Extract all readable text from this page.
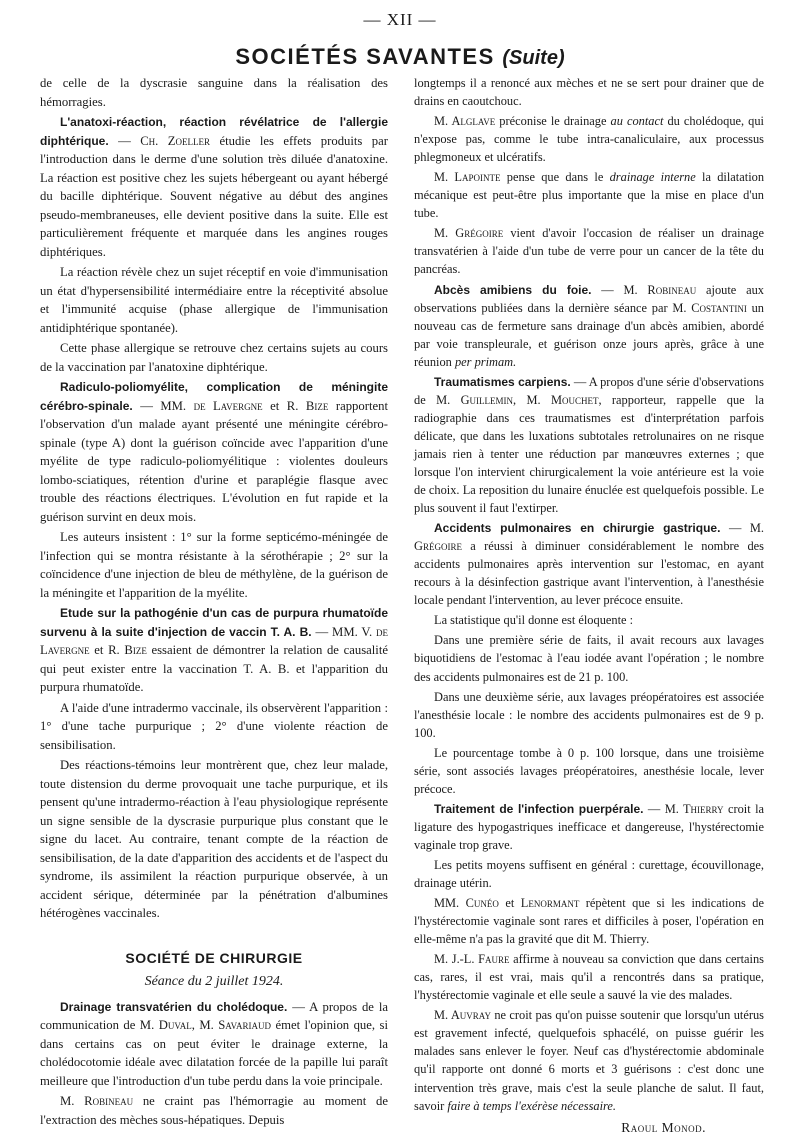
— XII —
SOCIÉTÉS SAVANTES (Suite)

de celle de la dyscrasie sanguine dans la réalisation des hémorragies.

L'anatoxi-réaction, réaction révélatrice de l'allergie diphtérique. — Ch. Zoeller étudie les effets produits par l'introduction dans le derme d'une solution très diluée d'anatoxine. La réaction est positive chez les sujets hébergeant ou ayant hébergé du bacille diphtérique. Souvent négative au début des angines pseudo-membraneuses, elle devient positive dans la suite. Elle est particulièrement fréquente et marquée dans les angines rouges diphtériques.

La réaction révèle chez un sujet réceptif en voie d'immunisation un état d'hypersensibilité intermédiaire entre la réceptivité absolue et l'immunité acquise (phase allergique de l'immunisation antidiphtérique spontanée).

Cette phase allergique se retrouve chez certains sujets au cours de la vaccination par l'anatoxine diphtérique.

Radiculo-poliomyélite, complication de méningite cérébro-spinale. — MM. de Lavergne et R. Bize rapportent l'observation d'un malade ayant présenté une méningite cérébro-spinale (type A) dont la guérison coïncide avec l'apparition d'une myélite de type radiculo-poliomyélitique : violentes douleurs lombo-sciatiques, rétention d'urine et paraplégie flasque avec trouble des réactions électriques. L'évolution en fut rapide et la guérison survint en deux mois.

Les auteurs insistent : 1° sur la forme septicémo-méningée de l'infection qui se montra résistante à la sérothérapie ; 2° sur la coïncidence d'une injection de bleu de méthylène, de la guérison de la méningite et l'apparition de la myélite.

Etude sur la pathogénie d'un cas de purpura rhumatoïde survenu à la suite d'injection de vaccin T. A. B. — MM. V. de Lavergne et R. Bize essaient de démontrer la relation de causalité qui peut exister entre la vaccination T. A. B. et l'apparition du purpura rhumatoïde.

A l'aide d'une intradermo vaccinale, ils observèrent l'apparition : 1° d'une tache purpurique ; 2° d'une violente réaction de sensibilisation.

Des réactions-témoins leur montrèrent que, chez leur malade, toute distension du derme provoquait une tache purpurique, et ils pensent qu'une intradermo-réaction à l'eau physiologique représente un signe sensible de la dyscrasie purpurique plus constant que le signe du lacet. Au contraire, tenant compte de la réaction de sensibilisation, de la date d'apparition des accidents et de l'aspect du syndrome, ils assimilent la réaction purpurique observée, à un accident sérique, déterminée par la pénétration d'albumines hétérogènes vaccinales.

SOCIÉTÉ DE CHIRURGIE
Séance du 2 juillet 1924.

Drainage transvatérien du cholédoque. — A propos de la communication de M. Duval, M. Savariaud émet l'opinion que, si dans certains cas on peut éviter le drainage externe, la cholédocotomie idéale avec dilatation forcée de la papille lui paraît meilleure que l'introduction d'un tube perdu dans la voie principale.

M. Robineau ne craint pas l'hémorragie au moment de l'extraction des mèches sous-hépatiques. Depuis

longtemps il a renoncé aux mèches et ne se sert pour drainer que de drains en caoutchouc.

M. Alglave préconise le drainage au contact du cholédoque, qui n'expose pas, comme le tube intra-canaliculaire, aux processus phlegmoneux et ulcératifs.

M. Lapointe pense que dans le drainage interne la dilatation mécanique est peut-être plus importante que la mise en place d'un tube.

M. Grégoire vient d'avoir l'occasion de réaliser un drainage transvatérien à l'aide d'un tube de verre pour un cancer de la tête du pancréas.

Abcès amibiens du foie. — M. Robineau ajoute aux observations publiées dans la dernière séance par M. Costantini un nouveau cas de fermeture sans drainage d'un abcès amibien, abordé par voie transpleurale, et guérison onze jours après, grâce à une réunion per primam.

Traumatismes carpiens. — A propos d'une série d'observations de M. Guillemin, M. Mouchet, rapporteur, rappelle que la radiographie dans ces traumatismes est d'interprétation parfois délicate, que dans les luxations subtotales retrolunaires on ne risque jamais rien à tenter une réduction par manœuvres externes ; que lorsque l'on intervient chirurgicalement la voie antérieure est la voie de choix. La reposition du lunaire énuclée est quelquefois possible. Le plus souvent il faut l'extirper.

Accidents pulmonaires en chirurgie gastrique. — M. Grégoire a réussi à diminuer considérablement le nombre des accidents pulmonaires après intervention sur l'estomac, en ayant recours à la désinfection gastrique avant l'intervention, à l'anesthésie locale pendant l'intervention, au lever précoce ensuite.

La statistique qu'il donne est éloquente :

Dans une première série de faits, il avait recours aux lavages biquotidiens de l'estomac à l'eau iodée avant l'opération ; le nombre des accidents pulmonaires est de 21 p. 100.

Dans une deuxième série, aux lavages préopératoires est associée l'anesthésie locale : le nombre des accidents pulmonaires est de 9 p. 100.

Le pourcentage tombe à 0 p. 100 lorsque, dans une troisième série, sont associés lavages préopératoires, anesthésie locale, lever précoce.

Traitement de l'infection puerpérale. — M. Thierry croit la ligature des hypogastriques inefficace et dangereuse, l'hystérectomie vaginale trop grave.

Les petits moyens suffisent en général : curettage, écouvillonage, drainage utérin.

MM. Cunéo et Lenormant répètent que si les indications de l'hystérectomie vaginale sont rares et difficiles à poser, l'opération en elle-même n'a pas la gravité que dit M. Thierry.

M. J.-L. Faure affirme à nouveau sa conviction que dans certains cas, rares, il est vrai, mais qu'il a rencontrés dans sa pratique, l'hystérectomie vaginale et elle seule a sauvé la vie des malades.

M. Auvray ne croit pas qu'on puisse soutenir que lorsqu'un utérus est gravement infecté, quelquefois sphacélé, on puisse guérir les malades sans enlever le foyer. Neuf cas d'hystérectomie abdominale qu'il rapporte ont donné 6 morts et 3 guérisons : c'est donc une intervention très grave, mais c'est la seule planche de salut. Il faut, savoir faire à temps l'exérèse nécessaire.

Raoul Monod.
